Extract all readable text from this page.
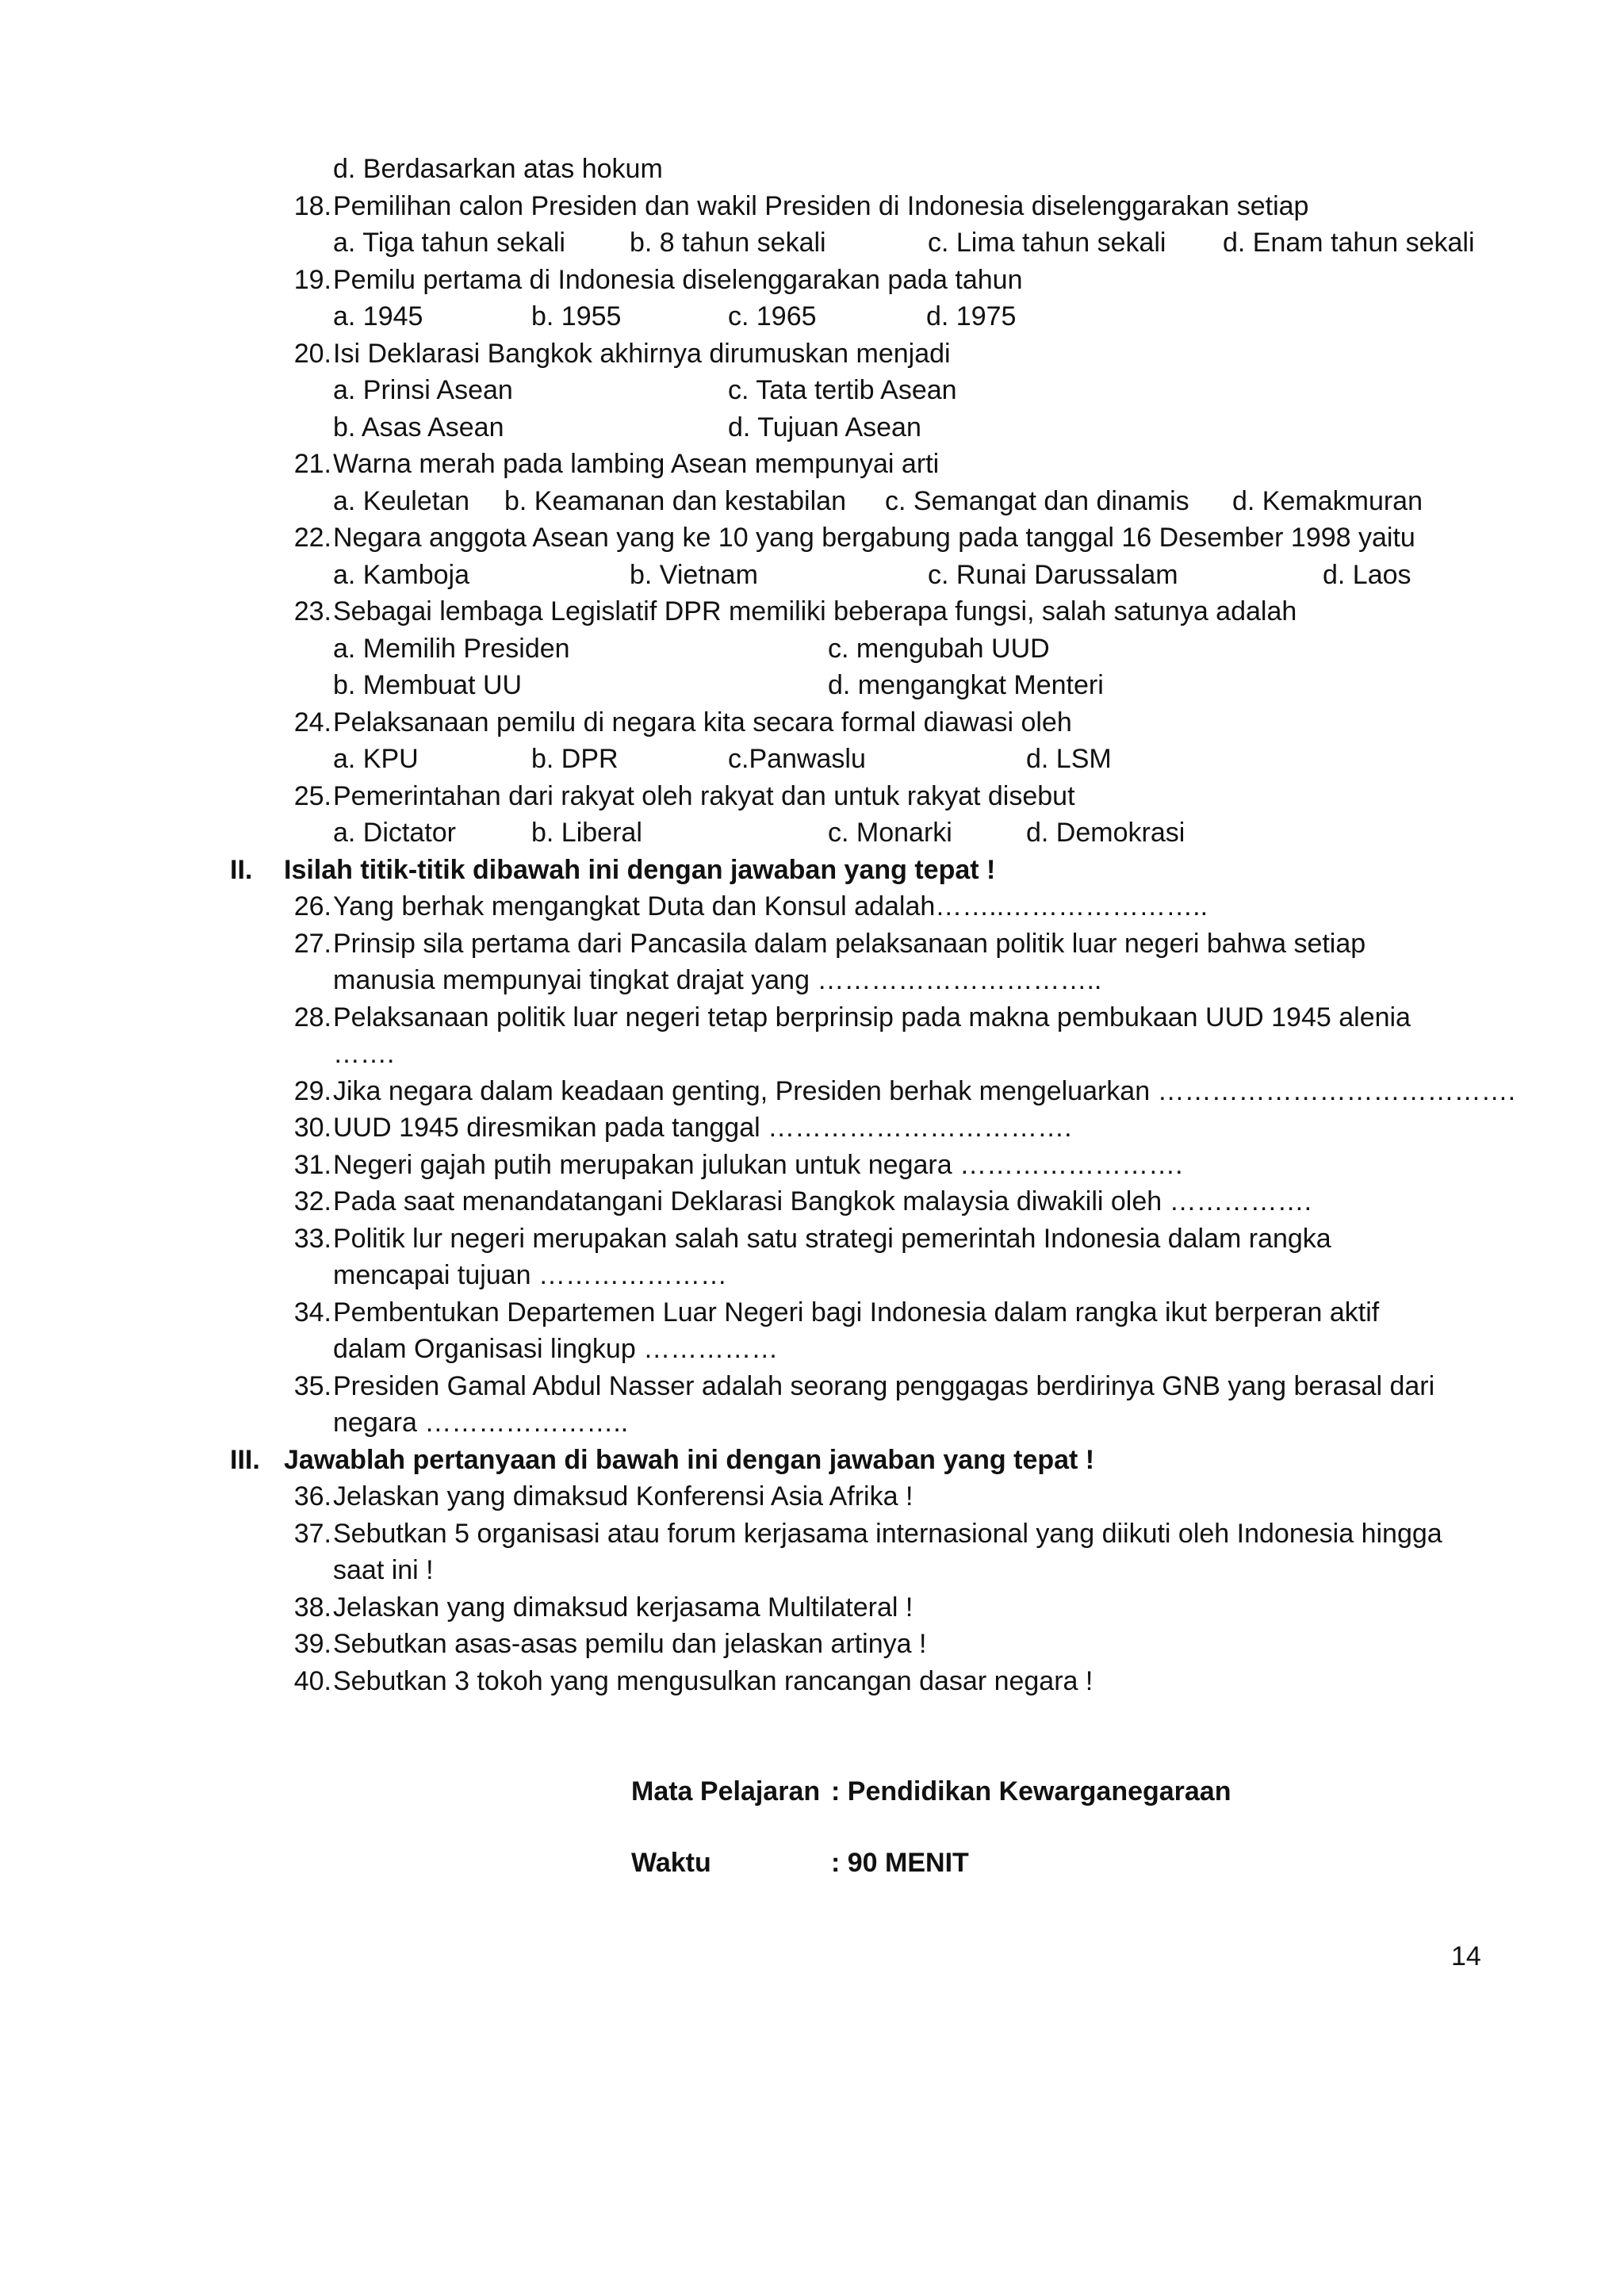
d. Berdasarkan atas hokum
18. Pemilihan calon Presiden dan wakil Presiden di Indonesia diselenggarakan setiap
a. Tiga tahun sekali b. 8 tahun sekali	c. Lima tahun sekali d. Enam tahun sekali
19. Pemilu pertama di Indonesia diselenggarakan pada tahun
a. 1945	b. 1955	c. 1965	d. 1975
20. Isi Deklarasi Bangkok akhirnya dirumuskan menjadi
a. Prinsi Asean	c. Tata tertib Asean
b. Asas Asean	d. Tujuan Asean
21. Warna merah pada lambing Asean mempunyai arti
a. Keuletan b. Keamanan dan kestabilan c. Semangat dan dinamis d. Kemakmuran
22. Negara anggota Asean yang ke 10 yang bergabung pada tanggal 16 Desember 1998 yaitu
a. Kamboja	b. Vietnam	c. Runai Darussalam	d. Laos
23. Sebagai lembaga Legislatif DPR memiliki beberapa fungsi, salah satunya adalah
a. Memilih Presiden	c. mengubah UUD
b. Membuat UU	d. mengangkat Menteri
24. Pelaksanaan pemilu di negara kita secara formal diawasi oleh
a. KPU	b. DPR	c.Panwaslu	d. LSM
25. Pemerintahan dari rakyat oleh rakyat dan untuk rakyat disebut
a. Dictator	b. Liberal	c. Monarki	d. Demokrasi
II.	Isilah titik-titik dibawah ini dengan jawaban yang tepat !
26. Yang berhak mengangkat Duta dan Konsul adalah……..…………………..
27. Prinsip sila pertama dari Pancasila dalam pelaksanaan politik luar negeri bahwa setiap
manusia mempunyai tingkat drajat yang …………………………..
28. Pelaksanaan politik luar negeri tetap berprinsip pada makna pembukaan UUD 1945 alenia
…….
29. Jika negara dalam keadaan genting, Presiden berhak mengeluarkan ………………………………….
30. UUD 1945 diresmikan pada tanggal …………………………….
31. Negeri gajah putih merupakan julukan untuk negara …………………….
32. Pada saat menandatangani Deklarasi Bangkok malaysia diwakili oleh …………….
33. Politik lur negeri merupakan salah satu strategi pemerintah Indonesia dalam rangka
mencapai tujuan …………………
34. Pembentukan Departemen Luar Negeri bagi Indonesia dalam rangka ikut berperan aktif
dalam Organisasi lingkup ……………
35. Presiden Gamal Abdul Nasser adalah seorang penggagas berdirinya GNB yang berasal dari
negara …………………..
III. Jawablah pertanyaan di bawah ini dengan jawaban yang tepat !
36. Jelaskan yang dimaksud Konferensi Asia Afrika !
37. Sebutkan 5 organisasi atau forum kerjasama internasional yang diikuti oleh Indonesia hingga
saat ini !
38. Jelaskan yang dimaksud kerjasama Multilateral !
39. Sebutkan asas-asas pemilu dan jelaskan artinya !
40. Sebutkan 3 tokoh yang mengusulkan rancangan dasar negara !
Mata Pelajaran : Pendidikan Kewarganegaraan
Waktu	: 90 MENIT
14
